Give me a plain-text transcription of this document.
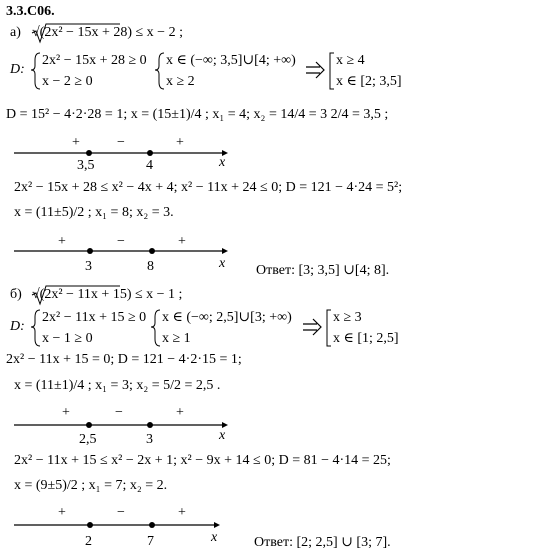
3.3.C06.
а) √(2x² − 15x + 28) ≤ x − 2 ;
D:
2x² − 15x + 28 ≥ 0
x − 2 ≥ 0
x ∈ (−∞; 3,5]∪[4; +∞)
x ≥ 2
x ≥ 4
x ∈ [2; 3,5]
D = 15² − 4·2·28 = 1; x = (15±1)/4 ; x₁ = 4; x₂ = 14/4 = 3 2/4 = 3,5 ;
+	−	+
3,5	4	x
2x² − 15x + 28 ≤ x² − 4x + 4; x² − 11x + 24 ≤ 0; D = 121 − 4·24 = 5²;
x = (11±5)/2 ; x₁ = 8; x₂ = 3.
+	−	+
3	8	x Ответ: [3; 3,5] ∪[4; 8].
б) √(2x² − 11x + 15) ≤ x − 1 ;
D:
2x² − 11x + 15 ≥ 0
x − 1 ≥ 0
x ∈ (−∞; 2,5]∪[3; +∞)
x ≥ 1
x ≥ 3
x ∈ [1; 2,5]
2x² − 11x + 15 = 0; D = 121 − 4·2·15 = 1;
x = (11±1)/4 ; x₁ = 3; x₂ = 5/2 = 2,5 .
+	−	+
2,5	3	x
2x² − 11x + 15 ≤ x² − 2x + 1; x² − 9x + 14 ≤ 0; D = 81 − 4·14 = 25;
x = (9±5)/2 ; x₁ = 7; x₂ = 2.
+	−	+
2	7	x	Ответ: [2; 2,5] ∪ [3; 7].
